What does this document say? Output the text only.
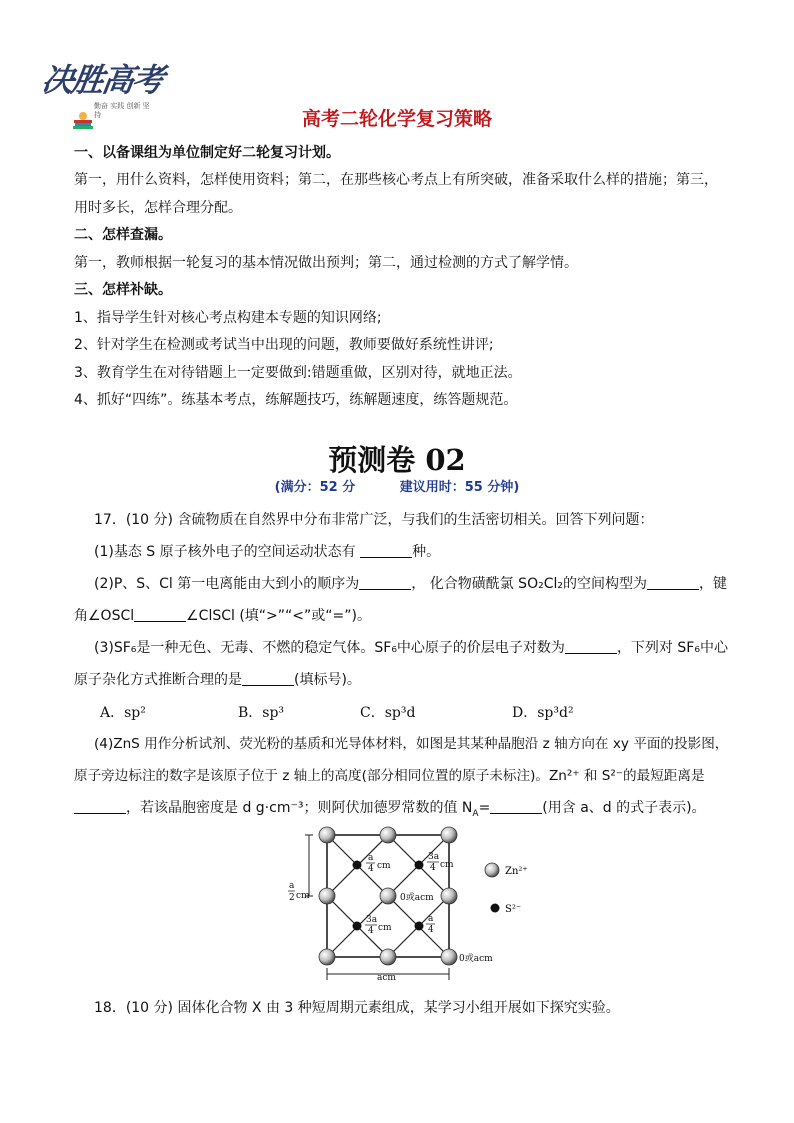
决胜高考
勤奋 实践 创新 坚持	高考二轮化学复习策略
一、以备课组为单位制定好二轮复习计划。
第一，用什么资料，怎样使用资料；第二，在那些核心考点上有所突破，准备采取什么样的措施；第三，
用时多长，怎样合理分配。
二、怎样查漏。
第一，教师根据一轮复习的基本情况做出预判；第二，通过检测的方式了解学情。
三、怎样补缺。
1、指导学生针对核心考点构建本专题的知识网络;
2、针对学生在检测或考试当中出现的问题，教师要做好系统性讲评;
3、教育学生在对待错题上一定要做到:错题重做，区别对待，就地正法。
4、抓好“四练”。练基本考点，练解题技巧，练解题速度，练答题规范。
预测卷 02
(满分：52 分	建议用时：55 分钟)
17．(10 分) 含硫物质在自然界中分布非常广泛，与我们的生活密切相关。回答下列问题：
(1)基态 S 原子核外电子的空间运动状态有	种。
(2)P、S、Cl 第一电离能由大到小的顺序为	， 化合物磺酰氯 SO₂Cl₂的空间构型为	，键
角∠OSCl	∠ClSCl (填“>”“<”或“=”)。
(3)SF₆是一种无色、无毒、不燃的稳定气体。SF₆中心原子的价层电子对数为	，下列对 SF₆中心
原子杂化方式推断合理的是	(填标号)。
A．sp²	B．sp³	C．sp³d	D．sp³d²
(4)ZnS 用作分析试剂、荧光粉的基质和光导体材料，如图是其某种晶胞沿 z 轴方向在 xy 平面的投影图，
原子旁边标注的数字是该原子位于 z 轴上的高度(部分相同位置的原子未标注)。Zn²⁺ 和 S²⁻的最短距离是
，若该晶胞密度是 d g·cm⁻³；则阿伏加德罗常数的值 $N_A=$	(用含 a、d 的式子表示)。
a
4 cm
3a
4 cm
a
2 cm	0或acm
3a
4 cm
a
4
0或acm
acm
Zn²⁺
S²⁻
18．(10 分) 固体化合物 X 由 3 种短周期元素组成，某学习小组开展如下探究实验。
